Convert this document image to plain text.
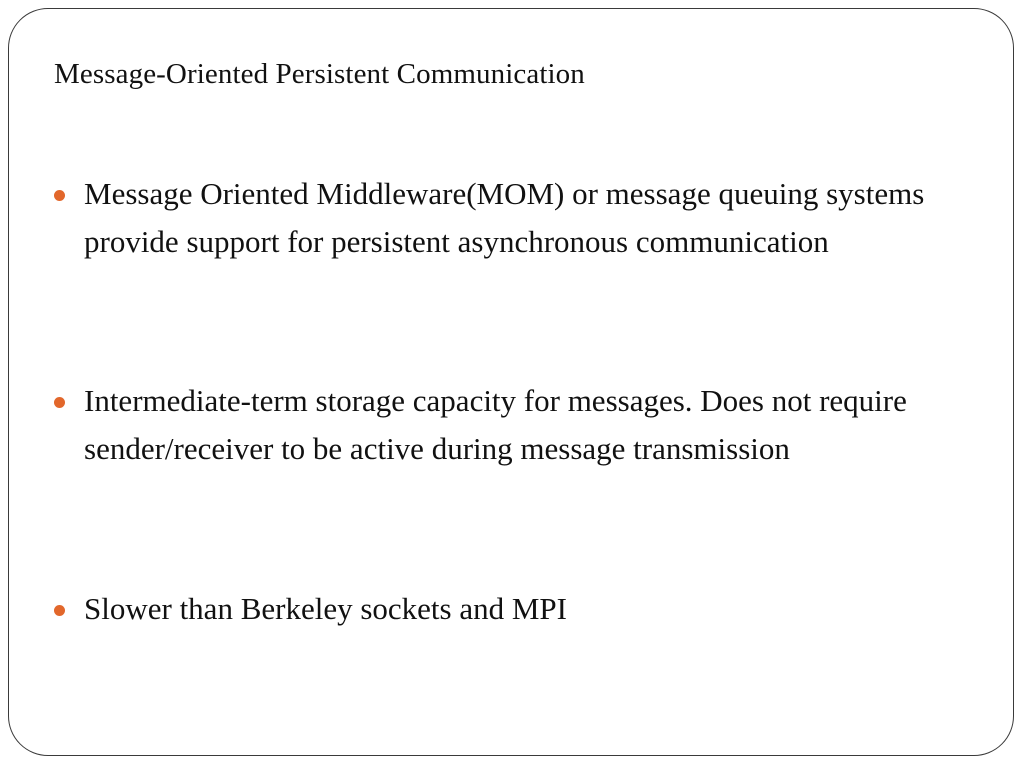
Message-Oriented Persistent Communication
Message Oriented Middleware(MOM) or message queuing systems provide support for persistent asynchronous communication
Intermediate-term storage capacity for messages. Does not require sender/receiver to be active during message transmission
Slower than Berkeley sockets and MPI
